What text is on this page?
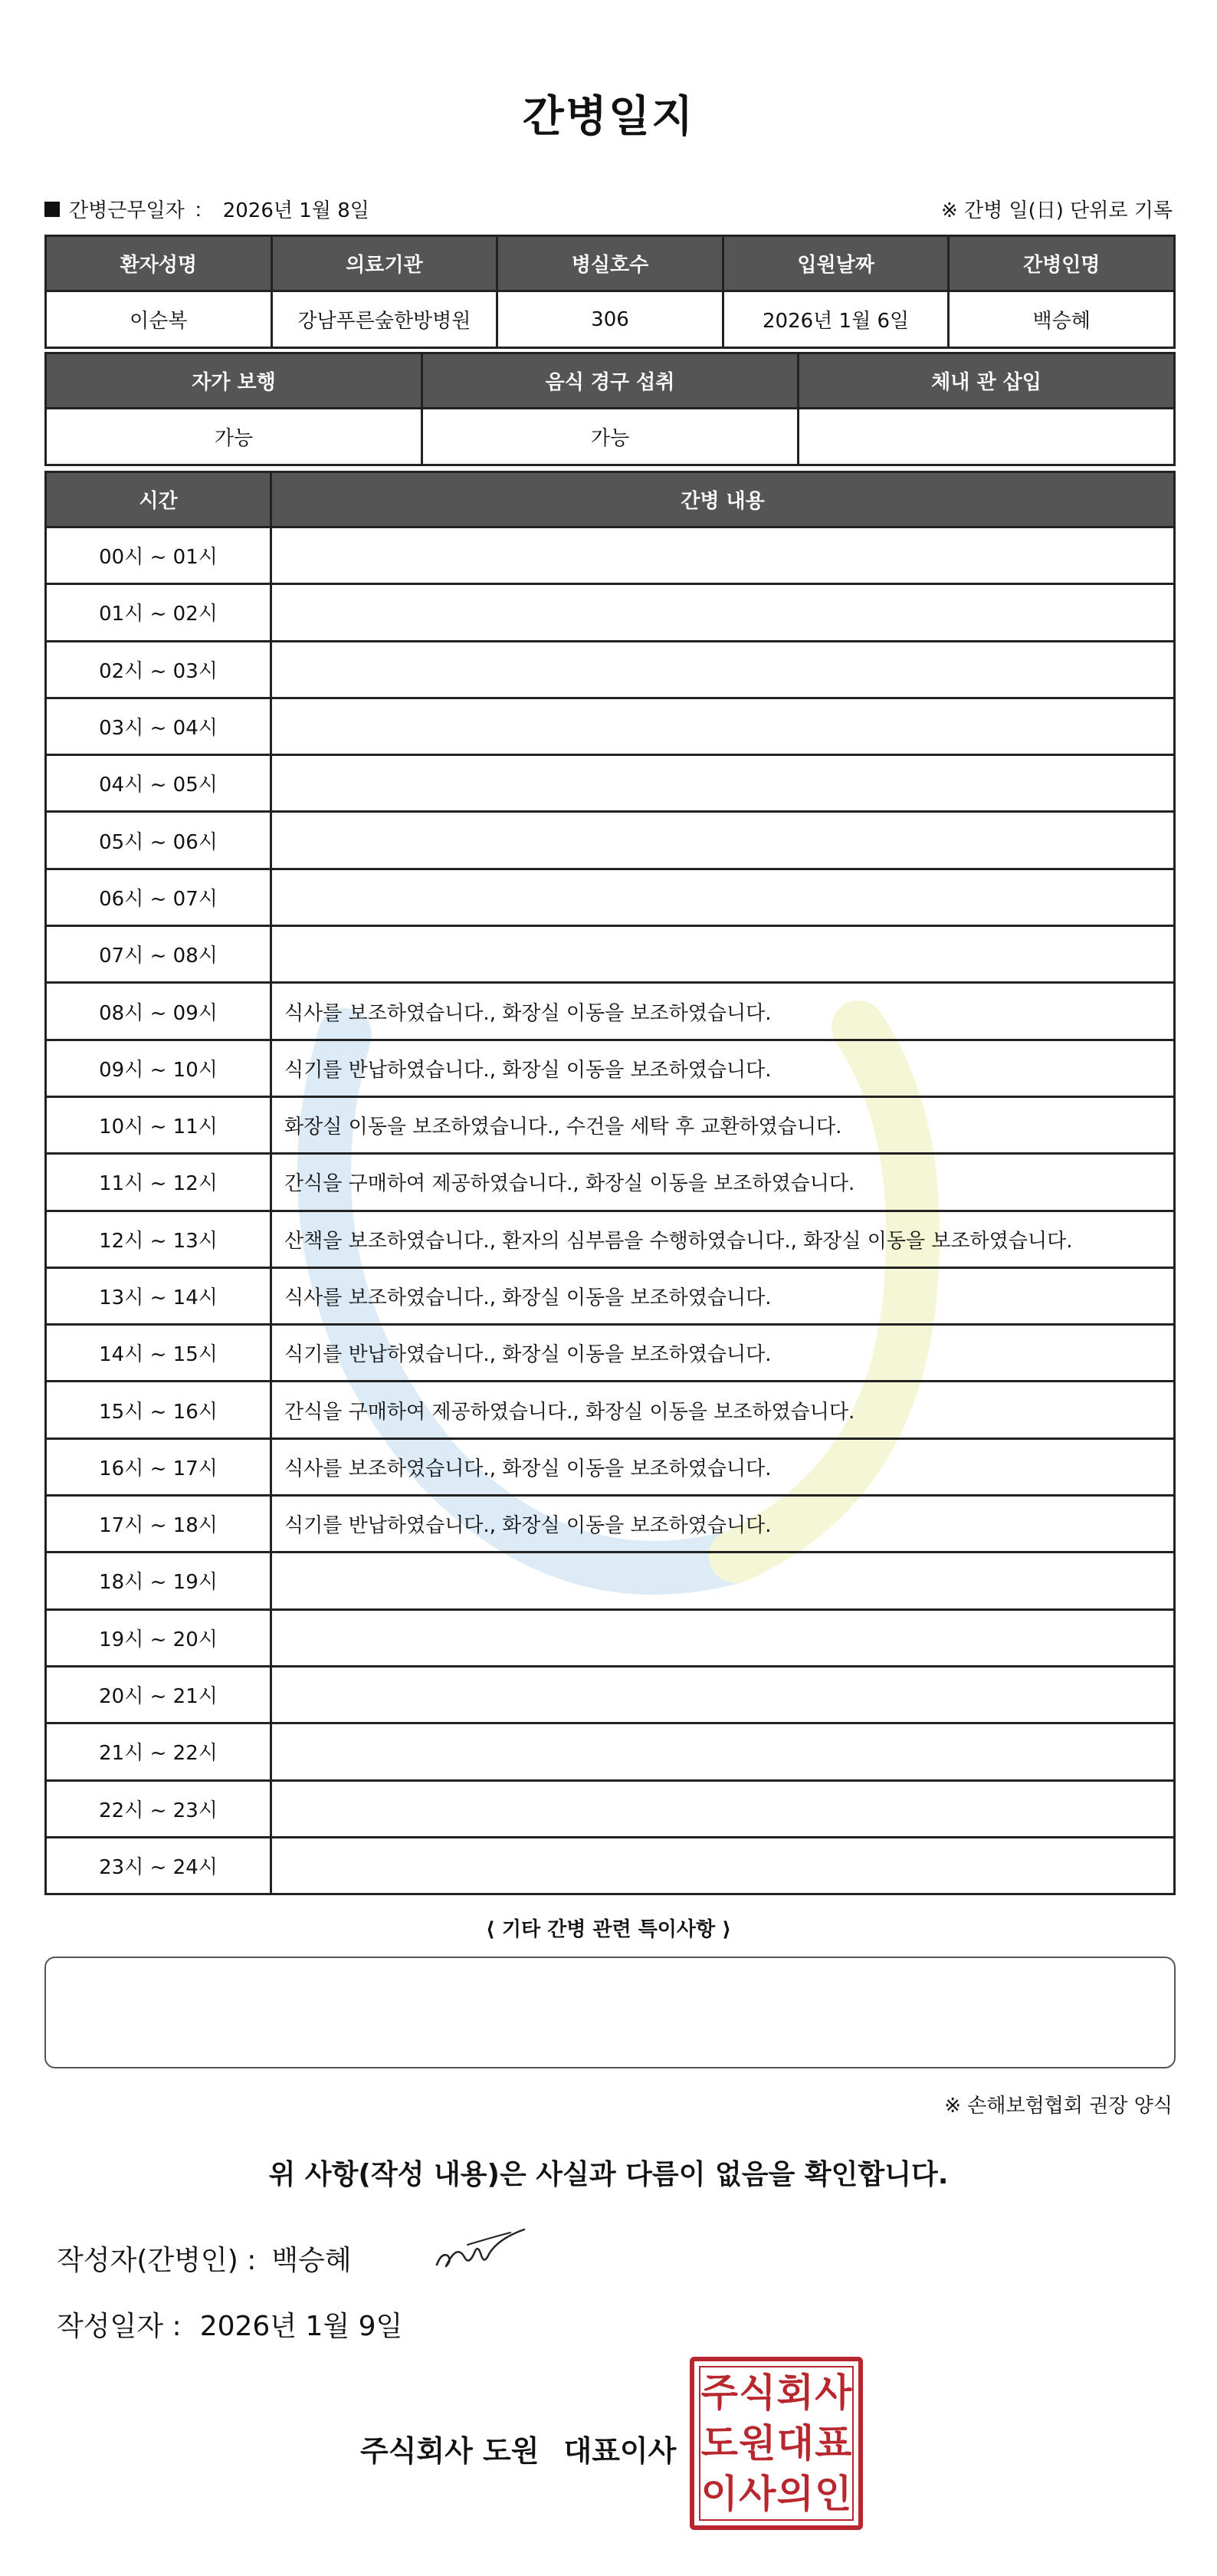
간병일지
간병근무일자 ： 2026년 1월 8일	※ 간병 일(日) 단위로 기록
환자성명	의료기관	병실호수	입원날짜	간병인명
이순복	강남푸른숲한방병원	306	2026년 1월 6일	백승혜
자가 보행	음식 경구 섭취	체내 관 삽입
가능	가능	
시간	간병 내용
00시 ~ 01시	
01시 ~ 02시	
02시 ~ 03시	
03시 ~ 04시	
04시 ~ 05시	
05시 ~ 06시	
06시 ~ 07시	
07시 ~ 08시	
08시 ~ 09시	식사를 보조하였습니다., 화장실 이동을 보조하였습니다.
09시 ~ 10시	식기를 반납하였습니다., 화장실 이동을 보조하였습니다.
10시 ~ 11시	화장실 이동을 보조하였습니다., 수건을 세탁 후 교환하였습니다.
11시 ~ 12시	간식을 구매하여 제공하였습니다., 화장실 이동을 보조하였습니다.
12시 ~ 13시	산책을 보조하였습니다., 환자의 심부름을 수행하였습니다., 화장실 이동을 보조하였습니다.
13시 ~ 14시	식사를 보조하였습니다., 화장실 이동을 보조하였습니다.
14시 ~ 15시	식기를 반납하였습니다., 화장실 이동을 보조하였습니다.
15시 ~ 16시	간식을 구매하여 제공하였습니다., 화장실 이동을 보조하였습니다.
16시 ~ 17시	식사를 보조하였습니다., 화장실 이동을 보조하였습니다.
17시 ~ 18시	식기를 반납하였습니다., 화장실 이동을 보조하였습니다.
18시 ~ 19시	
19시 ~ 20시	
20시 ~ 21시	
21시 ~ 22시	
22시 ~ 23시	
23시 ~ 24시	
⟨ 기타 간병 관련 특이사항 ⟩
※ 손해보험협회 권장 양식
위 사항(작성 내용)은 사실과 다름이 없음을 확인합니다.
작성자(간병인) : 백승혜
작성일자 : 2026년 1월 9일
주식회사 도원 대표이사
주 식 회 사
도 원 대 표
이 사 의 인
